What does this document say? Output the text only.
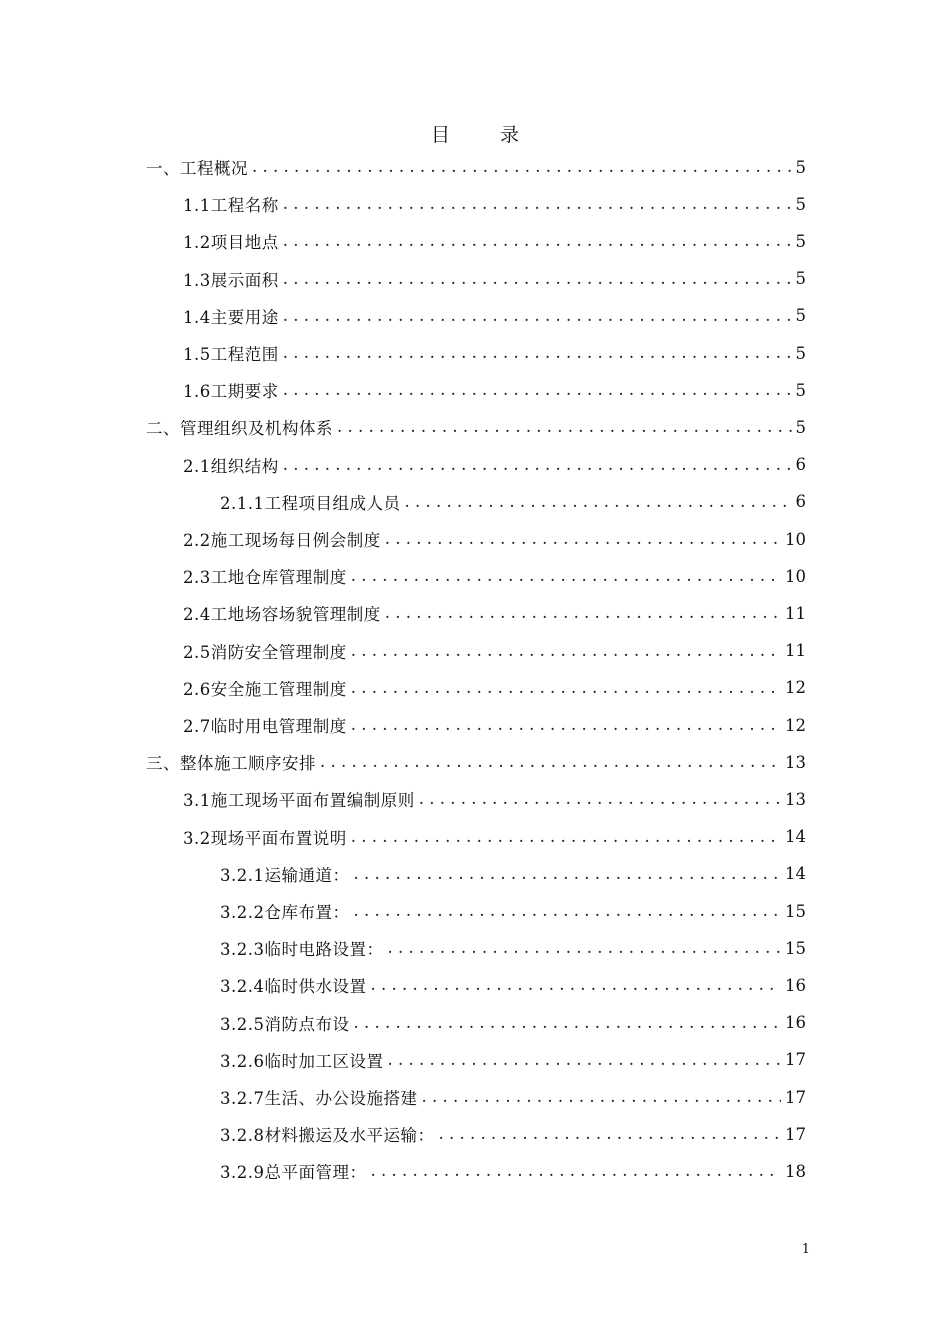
目 录
一、工程概况 . . .	5
1.1工程名称 . . .	5
1.2项目地点 . . .	5
1.3展示面积 . . .	5
1.4主要用途 . . .	5
1.5工程范围 . . .	5
1.6工期要求 . . .	5
二、管理组织及机构体系 . . .	5
2.1组织结构 . . .	6
2.1.1工程项目组成人员 . . .	6
2.2施工现场每日例会制度 . . .	10
2.3工地仓库管理制度 . . .	10
2.4工地场容场貌管理制度 . . .	11
2.5消防安全管理制度 . . .	11
2.6安全施工管理制度 . . .	12
2.7临时用电管理制度 . . .	12
三、整体施工顺序安排 . . .	13
3.1施工现场平面布置编制原则 . . .	13
3.2现场平面布置说明 . . .	14
3.2.1运输通道： . . .	14
3.2.2仓库布置： . . .	15
3.2.3临时电路设置： . . .	15
3.2.4临时供水设置 . . .	16
3.2.5消防点布设 . . .	16
3.2.6临时加工区设置 . . .	17
3.2.7生活、办公设施搭建 . . .	17
3.2.8材料搬运及水平运输： . . .	17
3.2.9总平面管理： . . .	18
1
